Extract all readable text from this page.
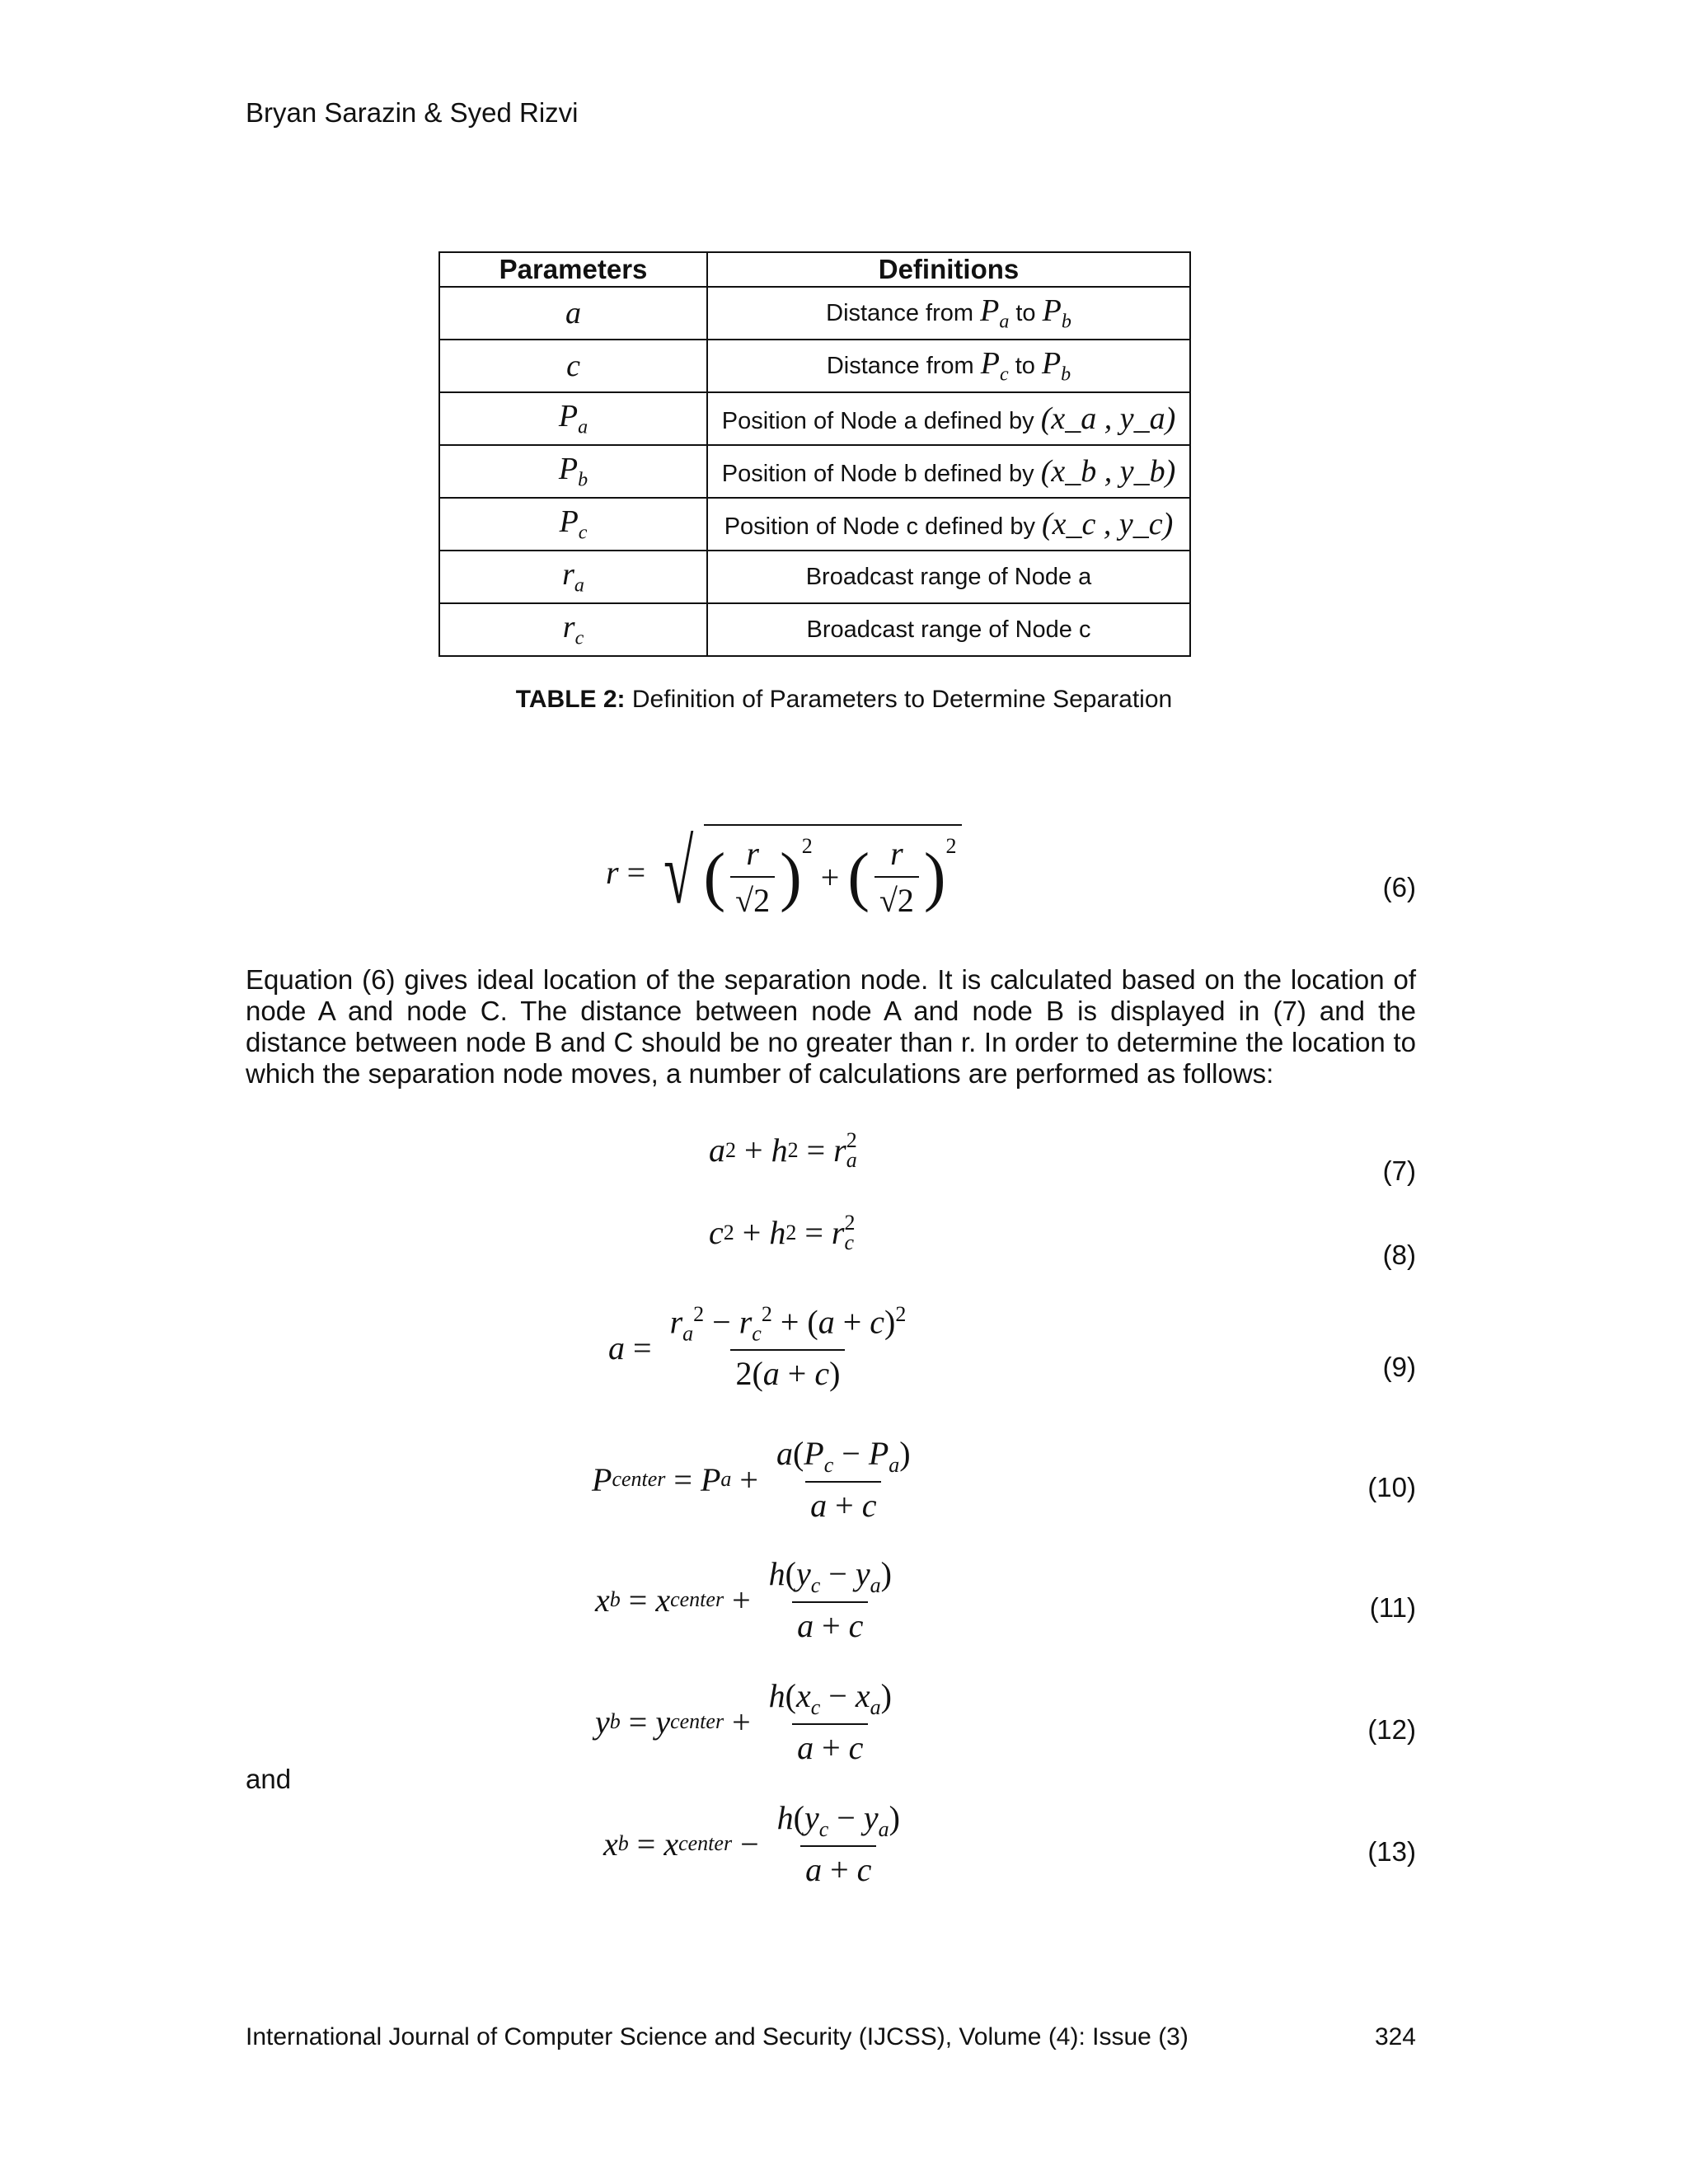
Bryan Sarazin & Syed Rizvi
Parameters	Definitions
a	Distance from $P_a$ to $P_b$
c	Distance from $P_c$ to $P_b$
$P_a$	Position of Node a defined by (x_a , y_a)
$P_b$	Position of Node b defined by (x_b , y_b)
$P_c$	Position of Node c defined by (x_c , y_c)
$r_a$	Broadcast range of Node a
$r_c$	Broadcast range of Node c
TABLE 2: Definition of Parameters to Determine Separation
r = √ ( $\frac{r}{√2} )^2$
+ ( $\frac{r}{√2} )^2$
(6)
Equation (6) gives ideal location of the separation node. It is calculated based on the location of node A and node C. The distance between node A and node B is displayed in (7) and the distance between node B and C should be no greater than r. In order to determine the location to which the separation node moves, a number of calculations are performed as follows:
a 2 + h 2 = r 2
a	(7)
c 2 + h 2 = r 2
c	(8)
$a = \frac{r_a^2 - r_c^2 + (a + c)^2}{2(a + c)}$	(9)
P center = P $a + \frac{a(P_c - P_a)}{a + c}$	(10)
x b = x center + $\frac{h(y_c - y_a)}{a + c}$	(11)
y b = y center + $\frac{h(x_c - x_a)}{a + c}$	(12)
and
x b = x center − $\frac{h(y_c - y_a)}{a + c}$	(13)
International Journal of Computer Science and Security (IJCSS), Volume (4): Issue (3)	324
